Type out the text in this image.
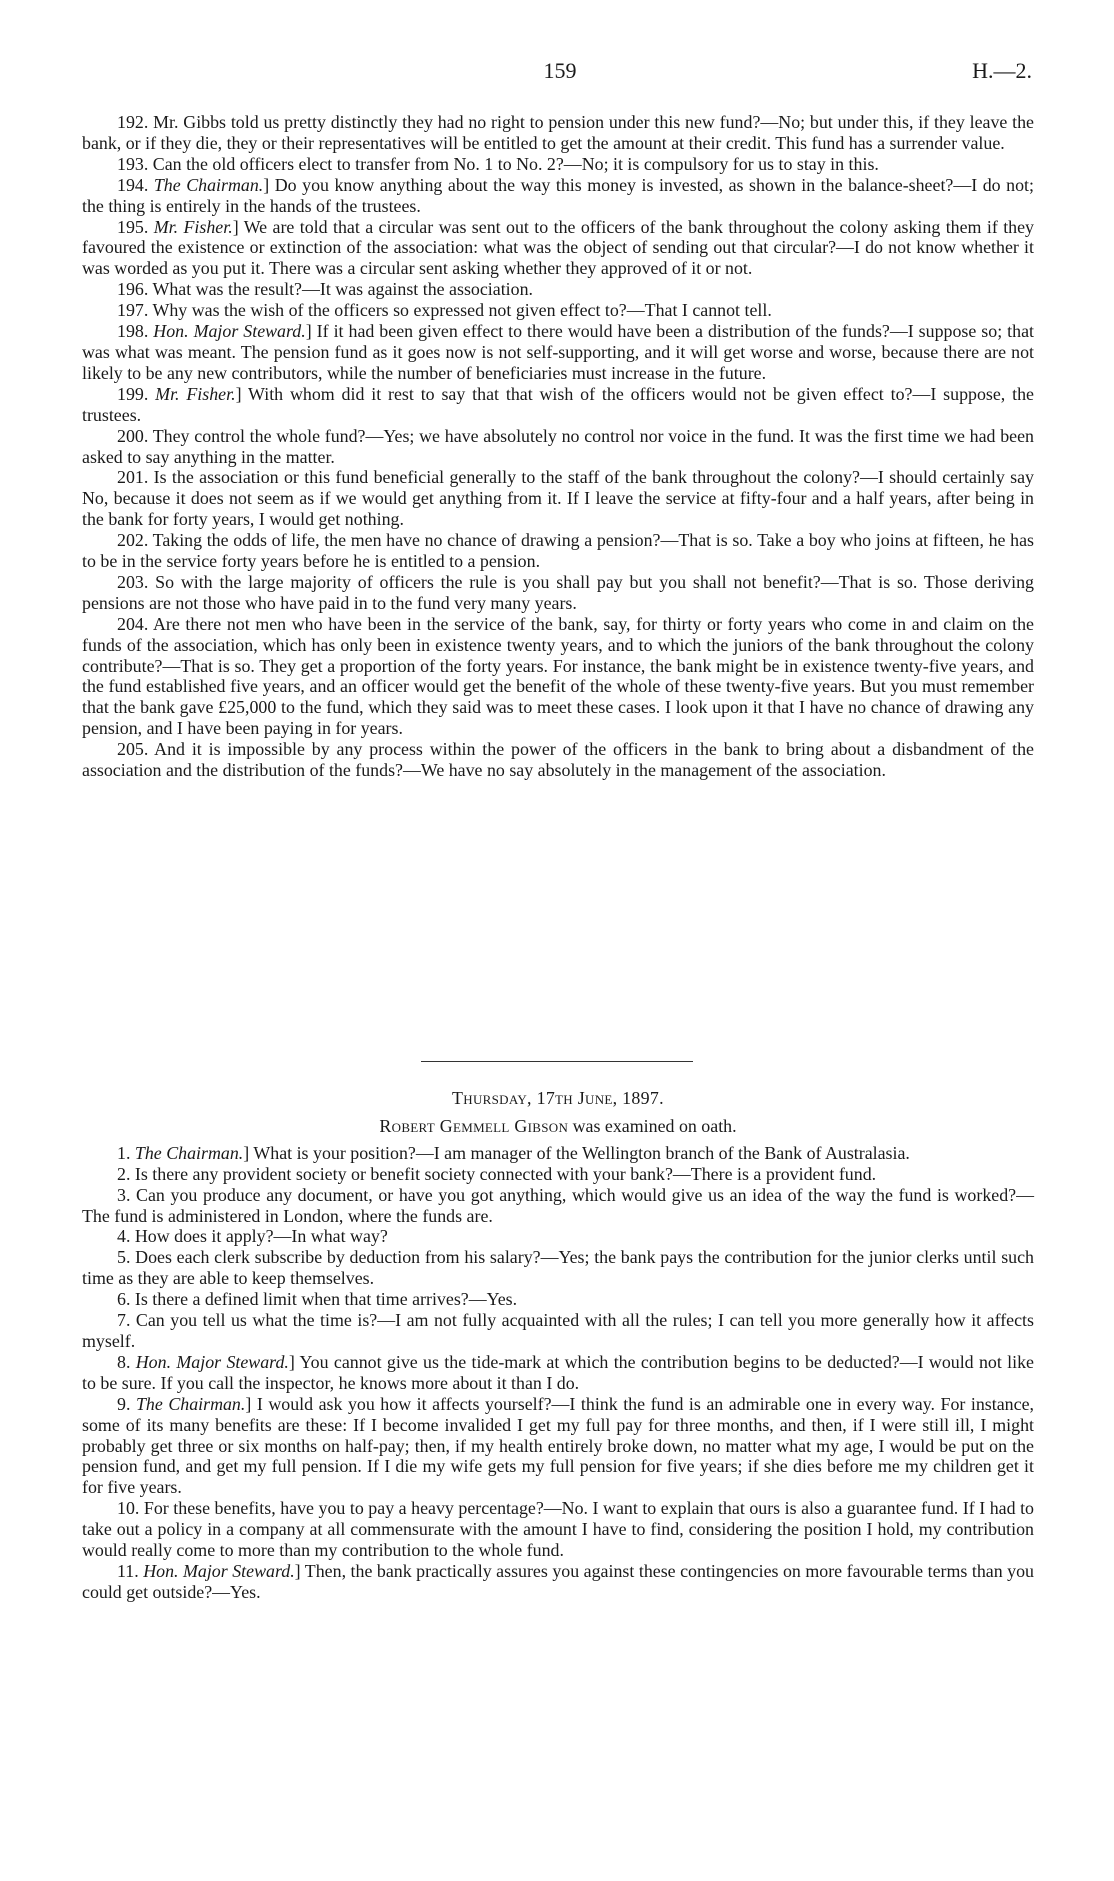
159	H.—2.

192. Mr. Gibbs told us pretty distinctly they had no right to pension under this new fund?—No; but under this, if they leave the bank, or if they die, they or their representatives will be entitled to get the amount at their credit. This fund has a surrender value.

193. Can the old officers elect to transfer from No. 1 to No. 2?—No; it is compulsory for us to stay in this.

194. The Chairman.] Do you know anything about the way this money is invested, as shown in the balance-sheet?—I do not; the thing is entirely in the hands of the trustees.

195. Mr. Fisher.] We are told that a circular was sent out to the officers of the bank throughout the colony asking them if they favoured the existence or extinction of the association: what was the object of sending out that circular?—I do not know whether it was worded as you put it. There was a circular sent asking whether they approved of it or not.

196. What was the result?—It was against the association.

197. Why was the wish of the officers so expressed not given effect to?—That I cannot tell.

198. Hon. Major Steward.] If it had been given effect to there would have been a distribution of the funds?—I suppose so; that was what was meant. The pension fund as it goes now is not self-supporting, and it will get worse and worse, because there are not likely to be any new contributors, while the number of beneficiaries must increase in the future.

199. Mr. Fisher.] With whom did it rest to say that that wish of the officers would not be given effect to?—I suppose, the trustees.

200. They control the whole fund?—Yes; we have absolutely no control nor voice in the fund. It was the first time we had been asked to say anything in the matter.

201. Is the association or this fund beneficial generally to the staff of the bank throughout the colony?—I should certainly say No, because it does not seem as if we would get anything from it. If I leave the service at fifty-four and a half years, after being in the bank for forty years, I would get nothing.

202. Taking the odds of life, the men have no chance of drawing a pension?—That is so. Take a boy who joins at fifteen, he has to be in the service forty years before he is entitled to a pension.

203. So with the large majority of officers the rule is you shall pay but you shall not benefit?—That is so. Those deriving pensions are not those who have paid in to the fund very many years.

204. Are there not men who have been in the service of the bank, say, for thirty or forty years who come in and claim on the funds of the association, which has only been in existence twenty years, and to which the juniors of the bank throughout the colony contribute?—That is so. They get a proportion of the forty years. For instance, the bank might be in existence twenty-five years, and the fund established five years, and an officer would get the benefit of the whole of these twenty-five years. But you must remember that the bank gave £25,000 to the fund, which they said was to meet these cases. I look upon it that I have no chance of drawing any pension, and I have been paying in for years.

205. And it is impossible by any process within the power of the officers in the bank to bring about a disbandment of the association and the distribution of the funds?—We have no say absolutely in the management of the association.

Thursday, 17th June, 1897.

Robert Gemmell Gibson was examined on oath.

1. The Chairman.] What is your position?—I am manager of the Wellington branch of the Bank of Australasia.

2. Is there any provident society or benefit society connected with your bank?—There is a provident fund.

3. Can you produce any document, or have you got anything, which would give us an idea of the way the fund is worked?—The fund is administered in London, where the funds are.

4. How does it apply?—In what way?

5. Does each clerk subscribe by deduction from his salary?—Yes; the bank pays the contribution for the junior clerks until such time as they are able to keep themselves.

6. Is there a defined limit when that time arrives?—Yes.

7. Can you tell us what the time is?—I am not fully acquainted with all the rules; I can tell you more generally how it affects myself.

8. Hon. Major Steward.] You cannot give us the tide-mark at which the contribution begins to be deducted?—I would not like to be sure. If you call the inspector, he knows more about it than I do.

9. The Chairman.] I would ask you how it affects yourself?—I think the fund is an admirable one in every way. For instance, some of its many benefits are these: If I become invalided I get my full pay for three months, and then, if I were still ill, I might probably get three or six months on half-pay; then, if my health entirely broke down, no matter what my age, I would be put on the pension fund, and get my full pension. If I die my wife gets my full pension for five years; if she dies before me my children get it for five years.

10. For these benefits, have you to pay a heavy percentage?—No. I want to explain that ours is also a guarantee fund. If I had to take out a policy in a company at all commensurate with the amount I have to find, considering the position I hold, my contribution would really come to more than my contribution to the whole fund.

11. Hon. Major Steward.] Then, the bank practically assures you against these contingencies on more favourable terms than you could get outside?—Yes.
